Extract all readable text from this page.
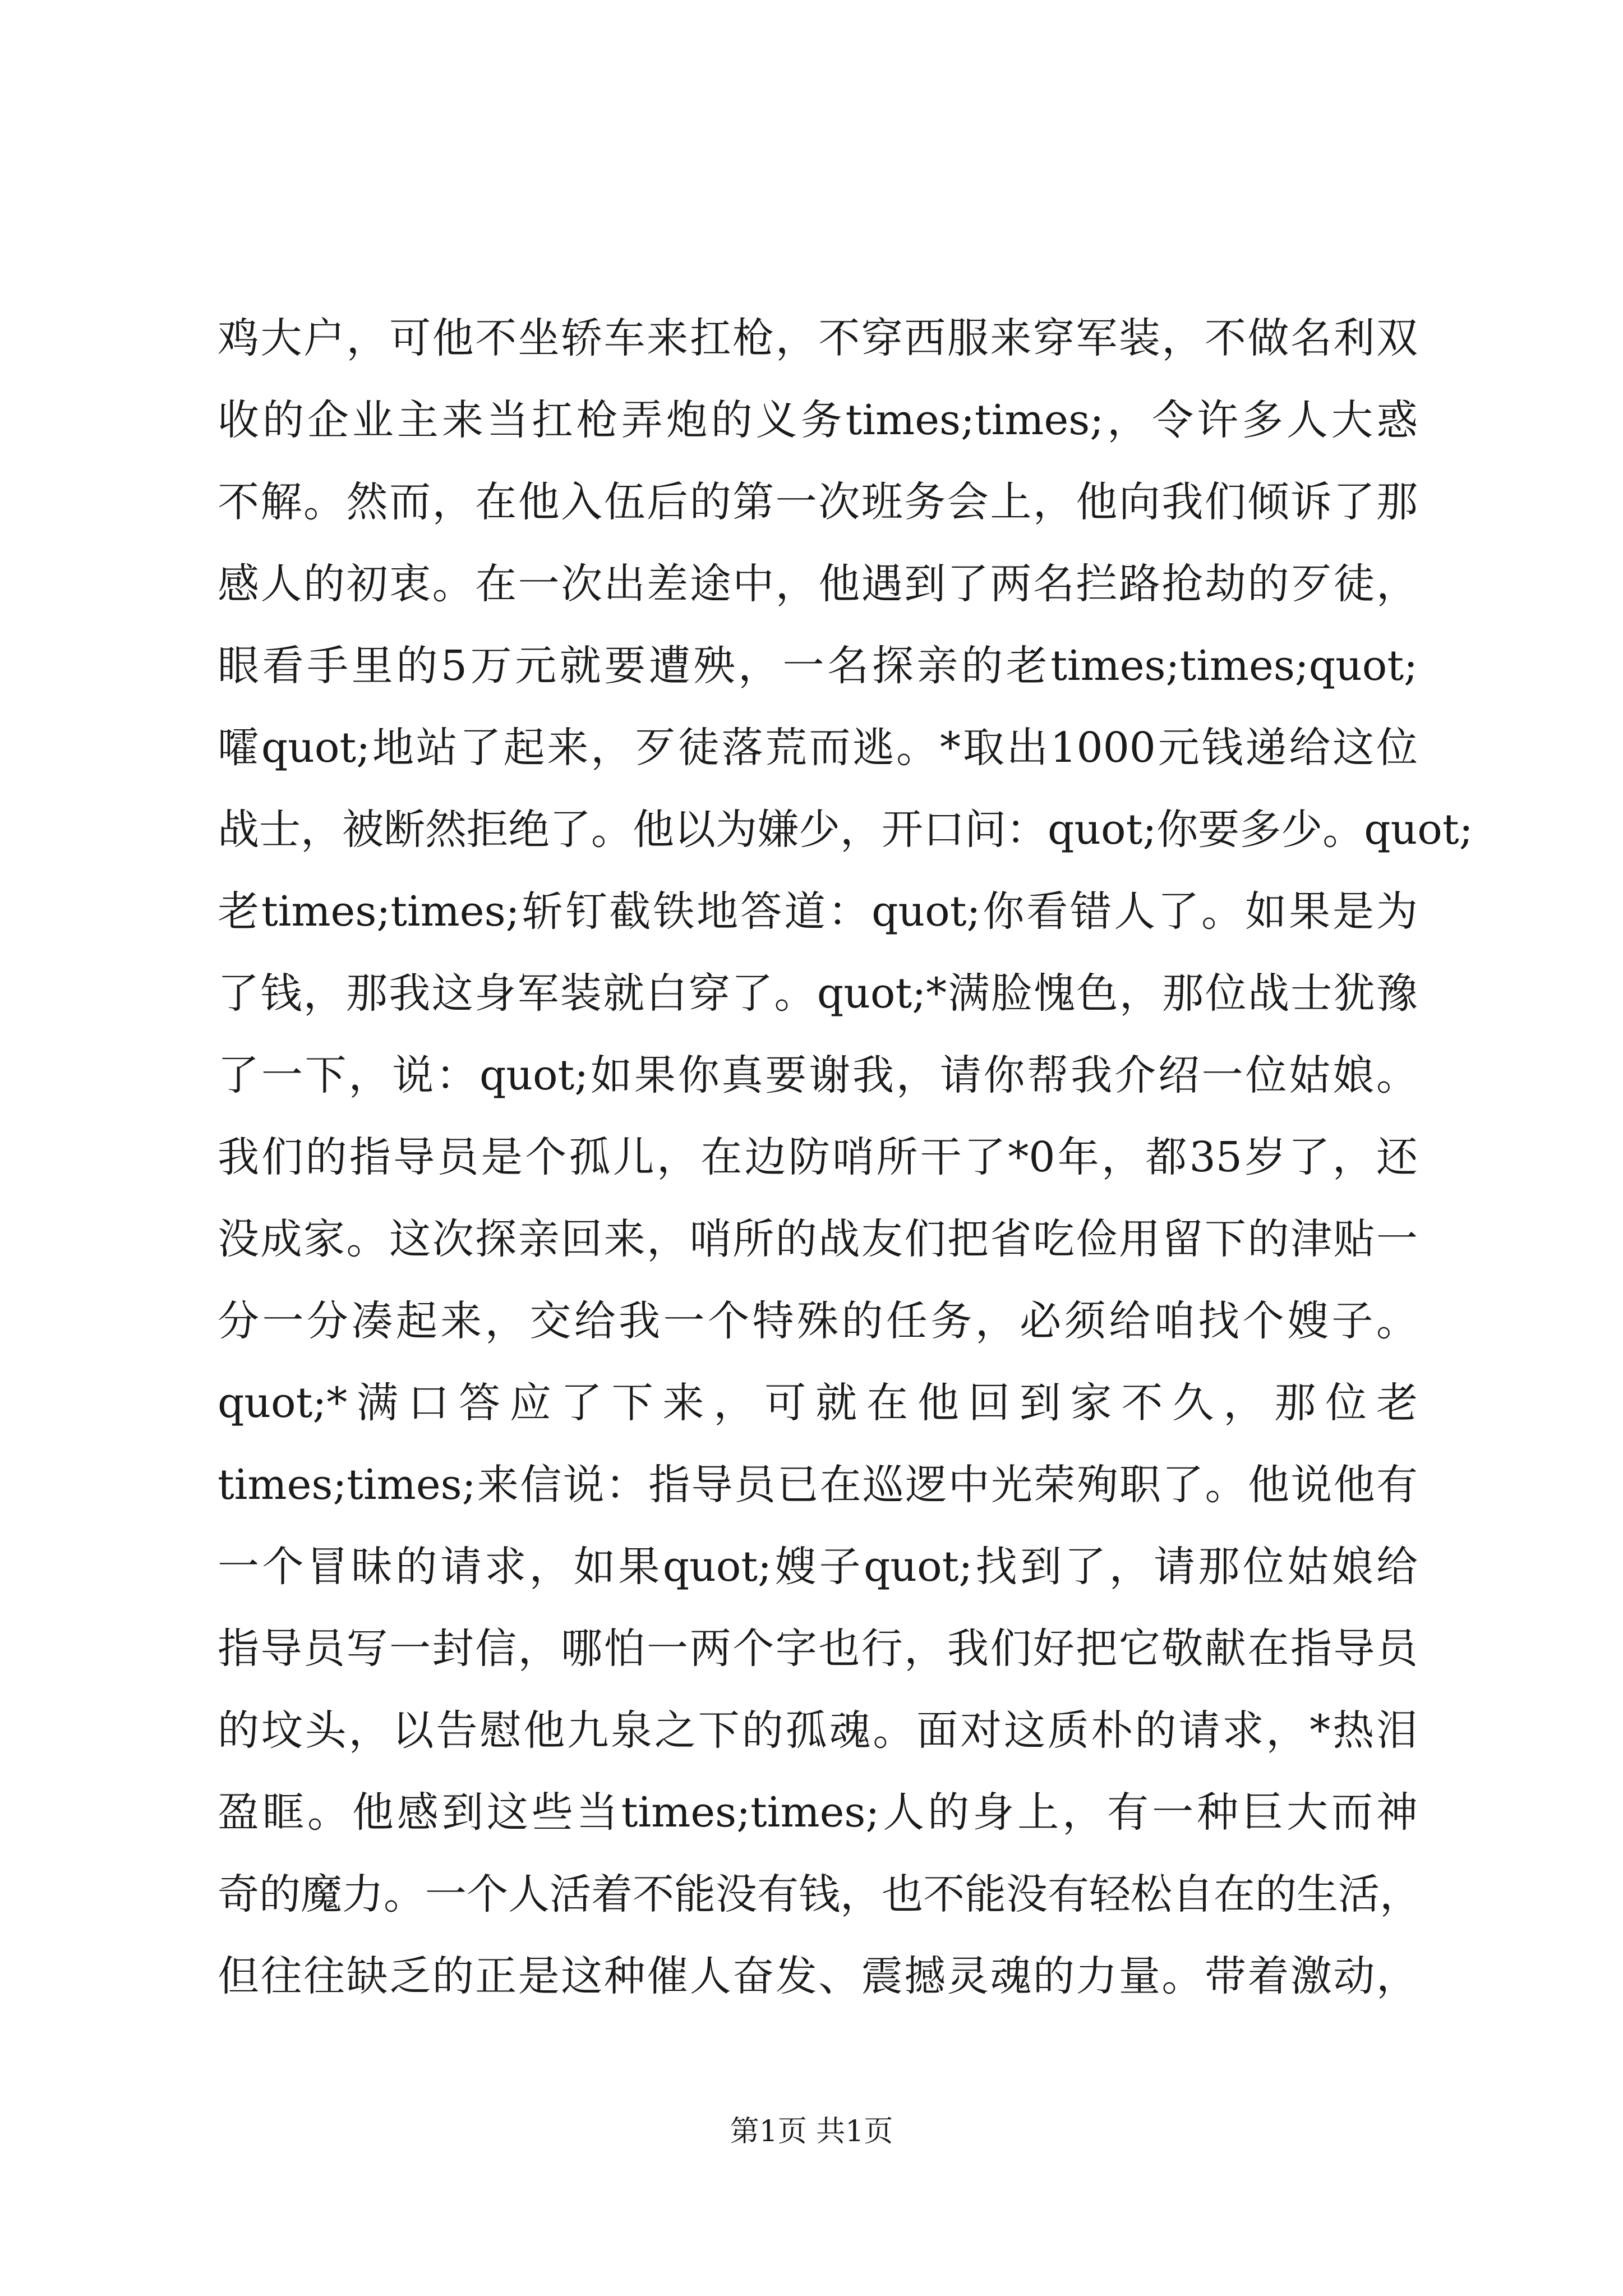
鸡大户，可他不坐轿车来扛枪，不穿西服来穿军装，不做名利双
收的企业主来当扛枪弄炮的义务times;times;，令许多人大惑
不解。然而，在他入伍后的第一次班务会上，他向我们倾诉了那
感人的初衷。在一次出差途中，他遇到了两名拦路抢劫的歹徒，
眼看手里的5万元就要遭殃，一名探亲的老times;times;quot;
嚯quot;地站了起来，歹徒落荒而逃。*取出1000元钱递给这位
战士，被断然拒绝了。他以为嫌少，开口问：quot;你要多少。quot;
老times;times;斩钉截铁地答道：quot;你看错人了。如果是为
了钱，那我这身军装就白穿了。quot;*满脸愧色，那位战士犹豫
了一下，说：quot;如果你真要谢我，请你帮我介绍一位姑娘。
我们的指导员是个孤儿，在边防哨所干了*0年，都35岁了，还
没成家。这次探亲回来，哨所的战友们把省吃俭用留下的津贴一
分一分凑起来，交给我一个特殊的任务，必须给咱找个嫂子。
quot;*满口答应了下来，可就在他回到家不久，那位老
times;times;来信说：指导员已在巡逻中光荣殉职了。他说他有
一个冒昧的请求，如果quot;嫂子quot;找到了，请那位姑娘给
指导员写一封信，哪怕一两个字也行，我们好把它敬献在指导员
的坟头，以告慰他九泉之下的孤魂。面对这质朴的请求，*热泪
盈眶。他感到这些当times;times;人的身上，有一种巨大而神
奇的魔力。一个人活着不能没有钱，也不能没有轻松自在的生活，
但往往缺乏的正是这种催人奋发、震撼灵魂的力量。带着激动，
第1页 共1页
